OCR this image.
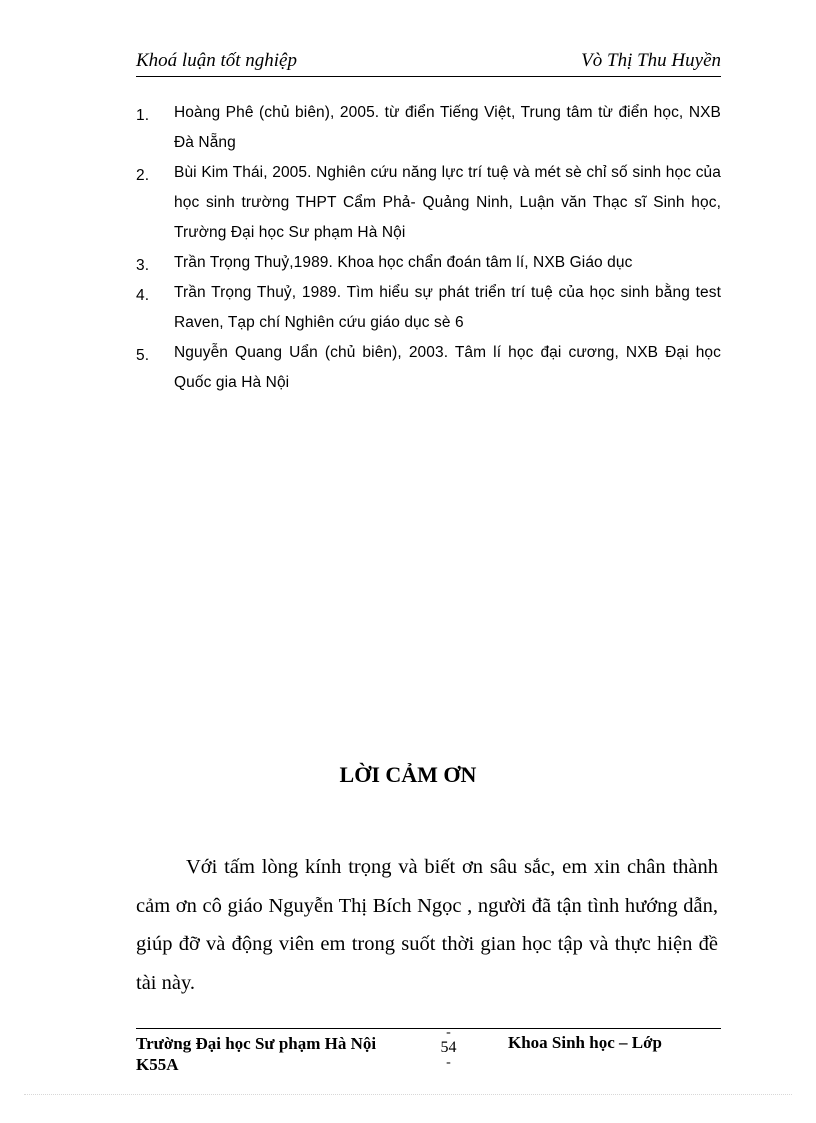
Khoá luận tốt nghiệp	Vò Thị Thu Huyền
1. Hoàng Phê (chủ biên), 2005. từ điển Tiếng Việt, Trung tâm từ điển học, NXB Đà Nẵng
2. Bùi Kim Thái, 2005. Nghiên cứu năng lực trí tuệ và mét sè chỉ số sinh học của học sinh trường THPT Cẩm Phả- Quảng Ninh, Luận văn Thạc sĩ Sinh học, Trường Đại học Sư phạm Hà Nội
3. Trần Trọng Thuỷ,1989. Khoa học chẩn đoán tâm lí, NXB Giáo dục
4. Trần Trọng Thuỷ, 1989. Tìm hiểu sự phát triển trí tuệ của học sinh bằng test Raven, Tạp chí Nghiên cứu giáo dục sè 6
5. Nguyễn Quang Uẩn (chủ biên), 2003. Tâm lí học đại cương, NXB Đại học Quốc gia Hà Nội
LỜI CẢM ƠN

Với tấm lòng kính trọng và biết ơn sâu sắc, em xin chân thành cảm ơn cô giáo Nguyễn Thị Bích Ngọc , người đã tận tình hướng dẫn, giúp đỡ và động viên em trong suốt thời gian học tập và thực hiện đề tài này.

Trường Đại học Sư phạm Hà Nội K55A
-
54
-
Khoa Sinh học – Lớp
